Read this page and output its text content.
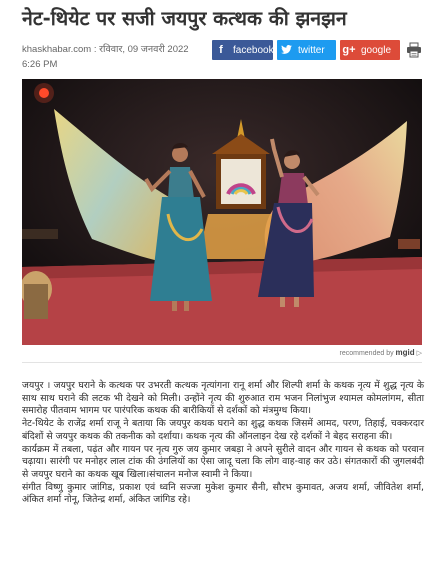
नेट-थियेट पर सजी जयपुर कत्थक की झनझन
khaskhabar.com : रविवार, 09 जनवरी 2022 6:26 PM
f facebook	twitter	g+ google
recommended by mgid ▷

जयपुर । जयपुर घराने के कत्थक पर उभरती कत्थक नृत्यांगना रानू शर्मा और शिल्पी शर्मा के कथक नृत्य में शुद्ध नृत्य के साथ साथ घराने की लटक भी देखने को मिली। उन्होंने नृत्य की शुरुआत राम भजन निलांभुज श्यामल कोमलांगम, सीता समारोह पीतवाम भागम पर पारंपरिक कथक की बारीकियों से दर्शकों को मंत्रमुग्ध किया।

नेट-थियेट के राजेंद्र शर्मा राजू ने बताया कि जयपुर कथक घराने का शुद्ध कथक जिसमें आमद, परण, तिहाई, चक्करदार बंदिशों से जयपुर कथक की तकनीक को दर्शाया। कथक नृत्य की ऑनलाइन देख रहे दर्शकों ने बेहद सराहना की।

कार्यक्रम में तबला, पढ़ंत और गायन पर नृत्य गुरु जय कुमार जबड़ा ने अपने सुरीले वादन और गायन से कथक को परवान चढ़ाया। सारंगी पर मनोहर लाल टांक की उंगलियों का ऐसा जादू चला कि लोग वाह-वाह कर उठे। संगतकारों की जुगलबंदी से जयपुर घराने का कथक खूब खिला।संचालन मनोज स्वामी ने किया।

संगीत विष्णु कुमार जांगिड, प्रकाश एवं ध्वनि सज्जा मुकेश कुमार सैनी, सौरभ कुमावत, अजय शर्मा, जीवितेश शर्मा, अंकित शर्मा नोनू, जितेन्द्र शर्मा, अंकित जांगिड रहे।
